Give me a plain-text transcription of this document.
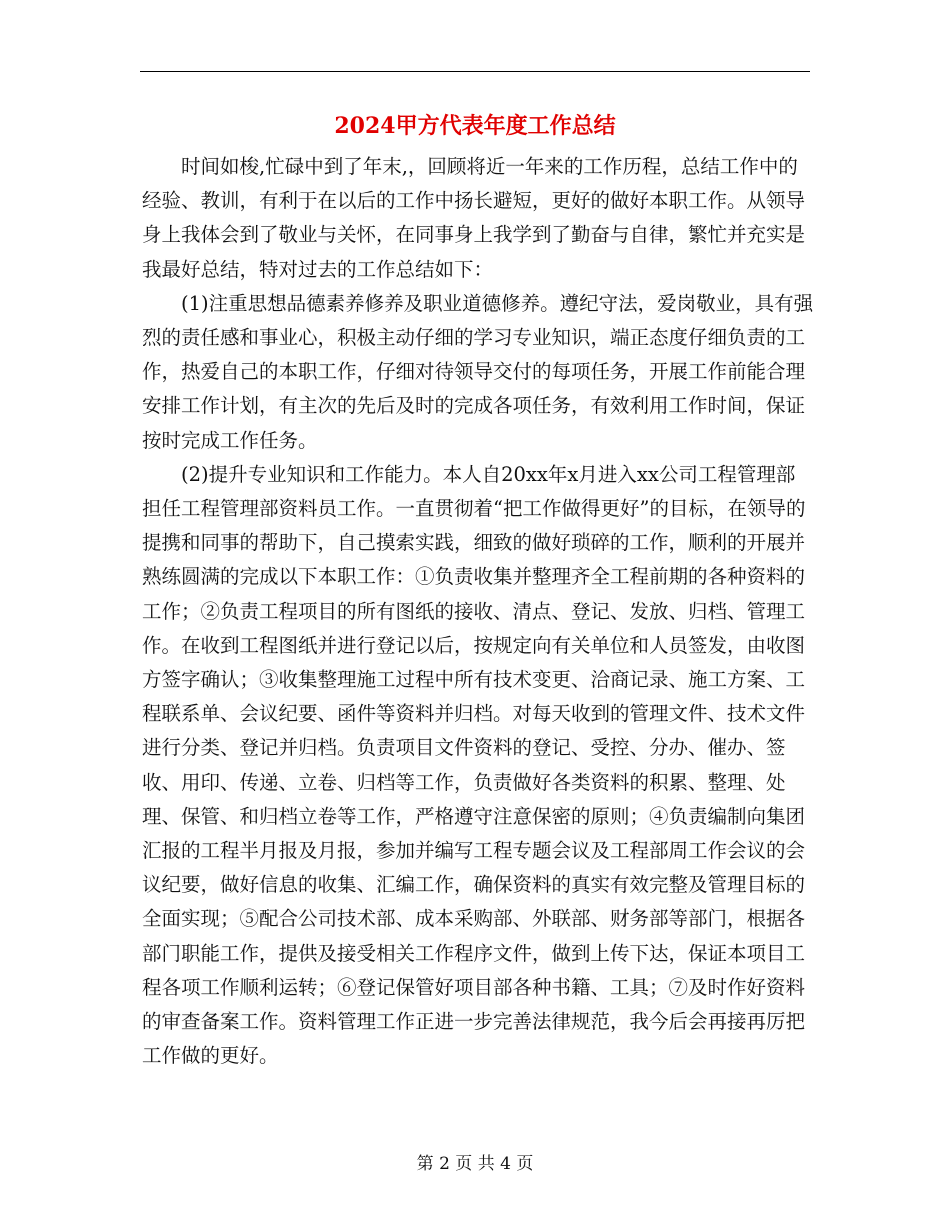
2024甲方代表年度工作总结

时间如梭,忙碌中到了年末,，回顾将近一年来的工作历程，总结工作中的经验、教训，有利于在以后的工作中扬长避短，更好的做好本职工作。从领导身上我体会到了敬业与关怀，在同事身上我学到了勤奋与自律，繁忙并充实是我最好总结，特对过去的工作总结如下：

(1)注重思想品德素养修养及职业道德修养。遵纪守法，爱岗敬业，具有强烈的责任感和事业心，积极主动仔细的学习专业知识，端正态度仔细负责的工作，热爱自己的本职工作，仔细对待领导交付的每项任务，开展工作前能合理安排工作计划，有主次的先后及时的完成各项任务，有效利用工作时间，保证按时完成工作任务。

(2)提升专业知识和工作能力。本人自20xx年x月进入xx公司工程管理部担任工程管理部资料员工作。一直贯彻着“把工作做得更好”的目标，在领导的提携和同事的帮助下，自己摸索实践，细致的做好琐碎的工作，顺利的开展并熟练圆满的完成以下本职工作：①负责收集并整理齐全工程前期的各种资料的工作；②负责工程项目的所有图纸的接收、清点、登记、发放、归档、管理工作。在收到工程图纸并进行登记以后，按规定向有关单位和人员签发，由收图方签字确认；③收集整理施工过程中所有技术变更、洽商记录、施工方案、工程联系单、会议纪要、函件等资料并归档。对每天收到的管理文件、技术文件进行分类、登记并归档。负责项目文件资料的登记、受控、分办、催办、签收、用印、传递、立卷、归档等工作，负责做好各类资料的积累、整理、处理、保管、和归档立卷等工作，严格遵守注意保密的原则；④负责编制向集团汇报的工程半月报及月报，参加并编写工程专题会议及工程部周工作会议的会议纪要，做好信息的收集、汇编工作，确保资料的真实有效完整及管理目标的全面实现；⑤配合公司技术部、成本采购部、外联部、财务部等部门，根据各部门职能工作，提供及接受相关工作程序文件，做到上传下达，保证本项目工程各项工作顺利运转；⑥登记保管好项目部各种书籍、工具；⑦及时作好资料的审查备案工作。资料管理工作正进一步完善法律规范，我今后会再接再厉把工作做的更好。

第 2 页 共 4 页
